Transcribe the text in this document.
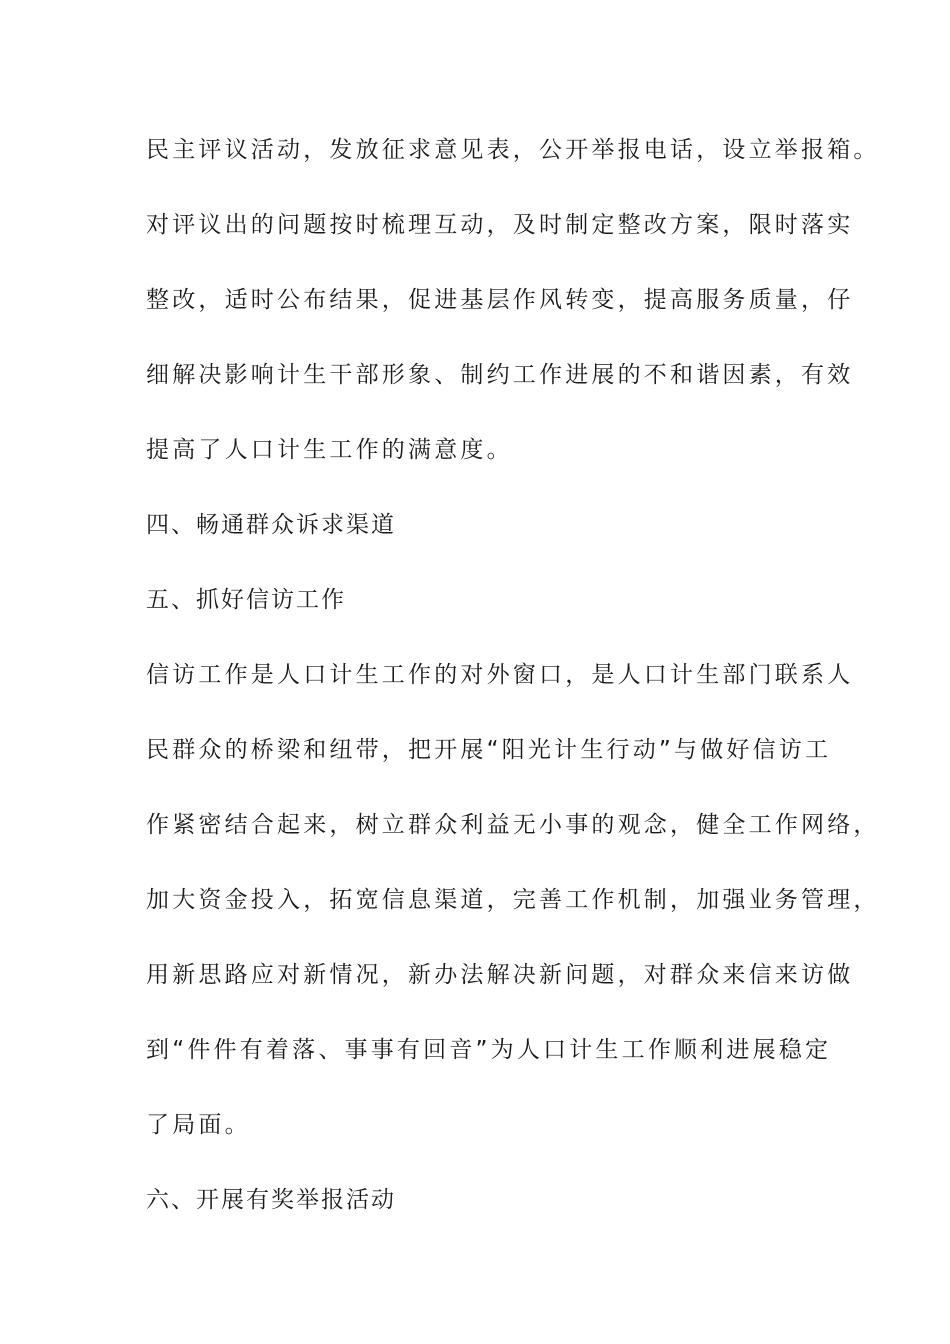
民主评议活动，发放征求意见表，公开举报电话，设立举报箱。
对评议出的问题按时梳理互动，及时制定整改方案，限时落实
整改，适时公布结果，促进基层作风转变，提高服务质量，仔
细解决影响计生干部形象、制约工作进展的不和谐因素，有效
提高了人口计生工作的满意度。
四、畅通群众诉求渠道
五、抓好信访工作
信访工作是人口计生工作的对外窗口，是人口计生部门联系人
民群众的桥梁和纽带，把开展“阳光计生行动”与做好信访工
作紧密结合起来，树立群众利益无小事的观念，健全工作网络，
加大资金投入，拓宽信息渠道，完善工作机制，加强业务管理，
用新思路应对新情况，新办法解决新问题，对群众来信来访做
到“件件有着落、事事有回音”为人口计生工作顺利进展稳定
了局面。
六、开展有奖举报活动
